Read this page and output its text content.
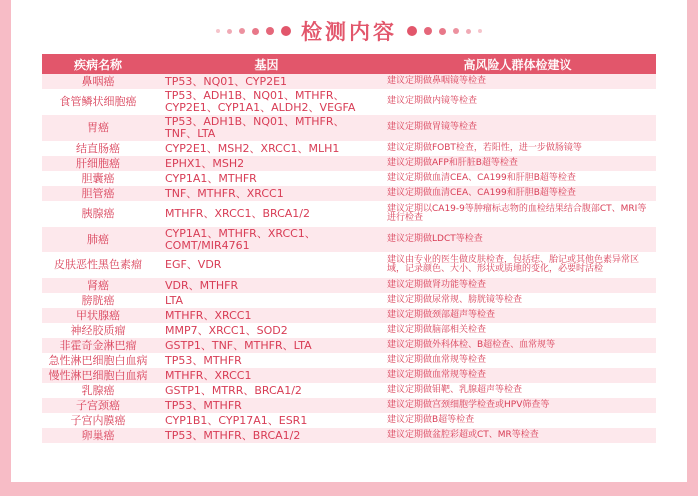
检测内容
疾病名称	基因	高风险人群体检建议
鼻咽癌	TP53、NQ01、CYP2E1	建议定期做鼻咽镜等检查
食管鳞状细胞癌	TP53、ADH1B、NQ01、MTHFR、CYP2E1、CYP1A1、ALDH2、VEGFA	建议定期做内镜等检查
胃癌	TP53、ADH1B、NQ01、MTHFR、TNF、LTA	建议定期做胃镜等检查
结直肠癌	CYP2E1、MSH2、XRCC1、MLH1	建议定期做FOBT检查，若阳性，进一步做肠镜等
肝细胞癌	EPHX1、MSH2	建议定期做AFP和肝脏B超等检查
胆囊癌	CYP1A1、MTHFR	建议定期做血清CEA、CA199和肝胆B超等检查
胆管癌	TNF、MTHFR、XRCC1	建议定期做血清CEA、CA199和肝胆B超等检查
胰腺癌	MTHFR、XRCC1、BRCA1/2	建议定期以CA19-9等肿瘤标志物的血检结果结合腹部CT、MRI等进行检查
肺癌	CYP1A1、MTHFR、XRCC1、COMT/MIR4761	建议定期做LDCT等检查
皮肤恶性黑色素瘤	EGF、VDR	建议由专业的医生做皮肤检查，包括痣、胎记或其他色素异常区域，记录颜色、大小、形状或质地的变化，必要时活检
肾癌	VDR、MTHFR	建议定期做肾功能等检查
膀胱癌	LTA	建议定期做尿常规、膀胱镜等检查
甲状腺癌	MTHFR、XRCC1	建议定期做颈部超声等检查
神经胶质瘤	MMP7、XRCC1、SOD2	建议定期做脑部相关检查
非霍奇金淋巴瘤	GSTP1、TNF、MTHFR、LTA	建议定期做外科体检、B超检查、血常规等
急性淋巴细胞白血病	TP53、MTHFR	建议定期做血常规等检查
慢性淋巴细胞白血病	MTHFR、XRCC1	建议定期做血常规等检查
乳腺癌	GSTP1、MTRR、BRCA1/2	建议定期做钼靶、乳腺超声等检查
子宫颈癌	TP53、MTHFR	建议定期做宫颈细胞学检查或HPV筛查等
子宫内膜癌	CYP1B1、CYP17A1、ESR1	建议定期做B超等检查
卵巢癌	TP53、MTHFR、BRCA1/2	建议定期做盆腔彩超或CT、MR等检查
